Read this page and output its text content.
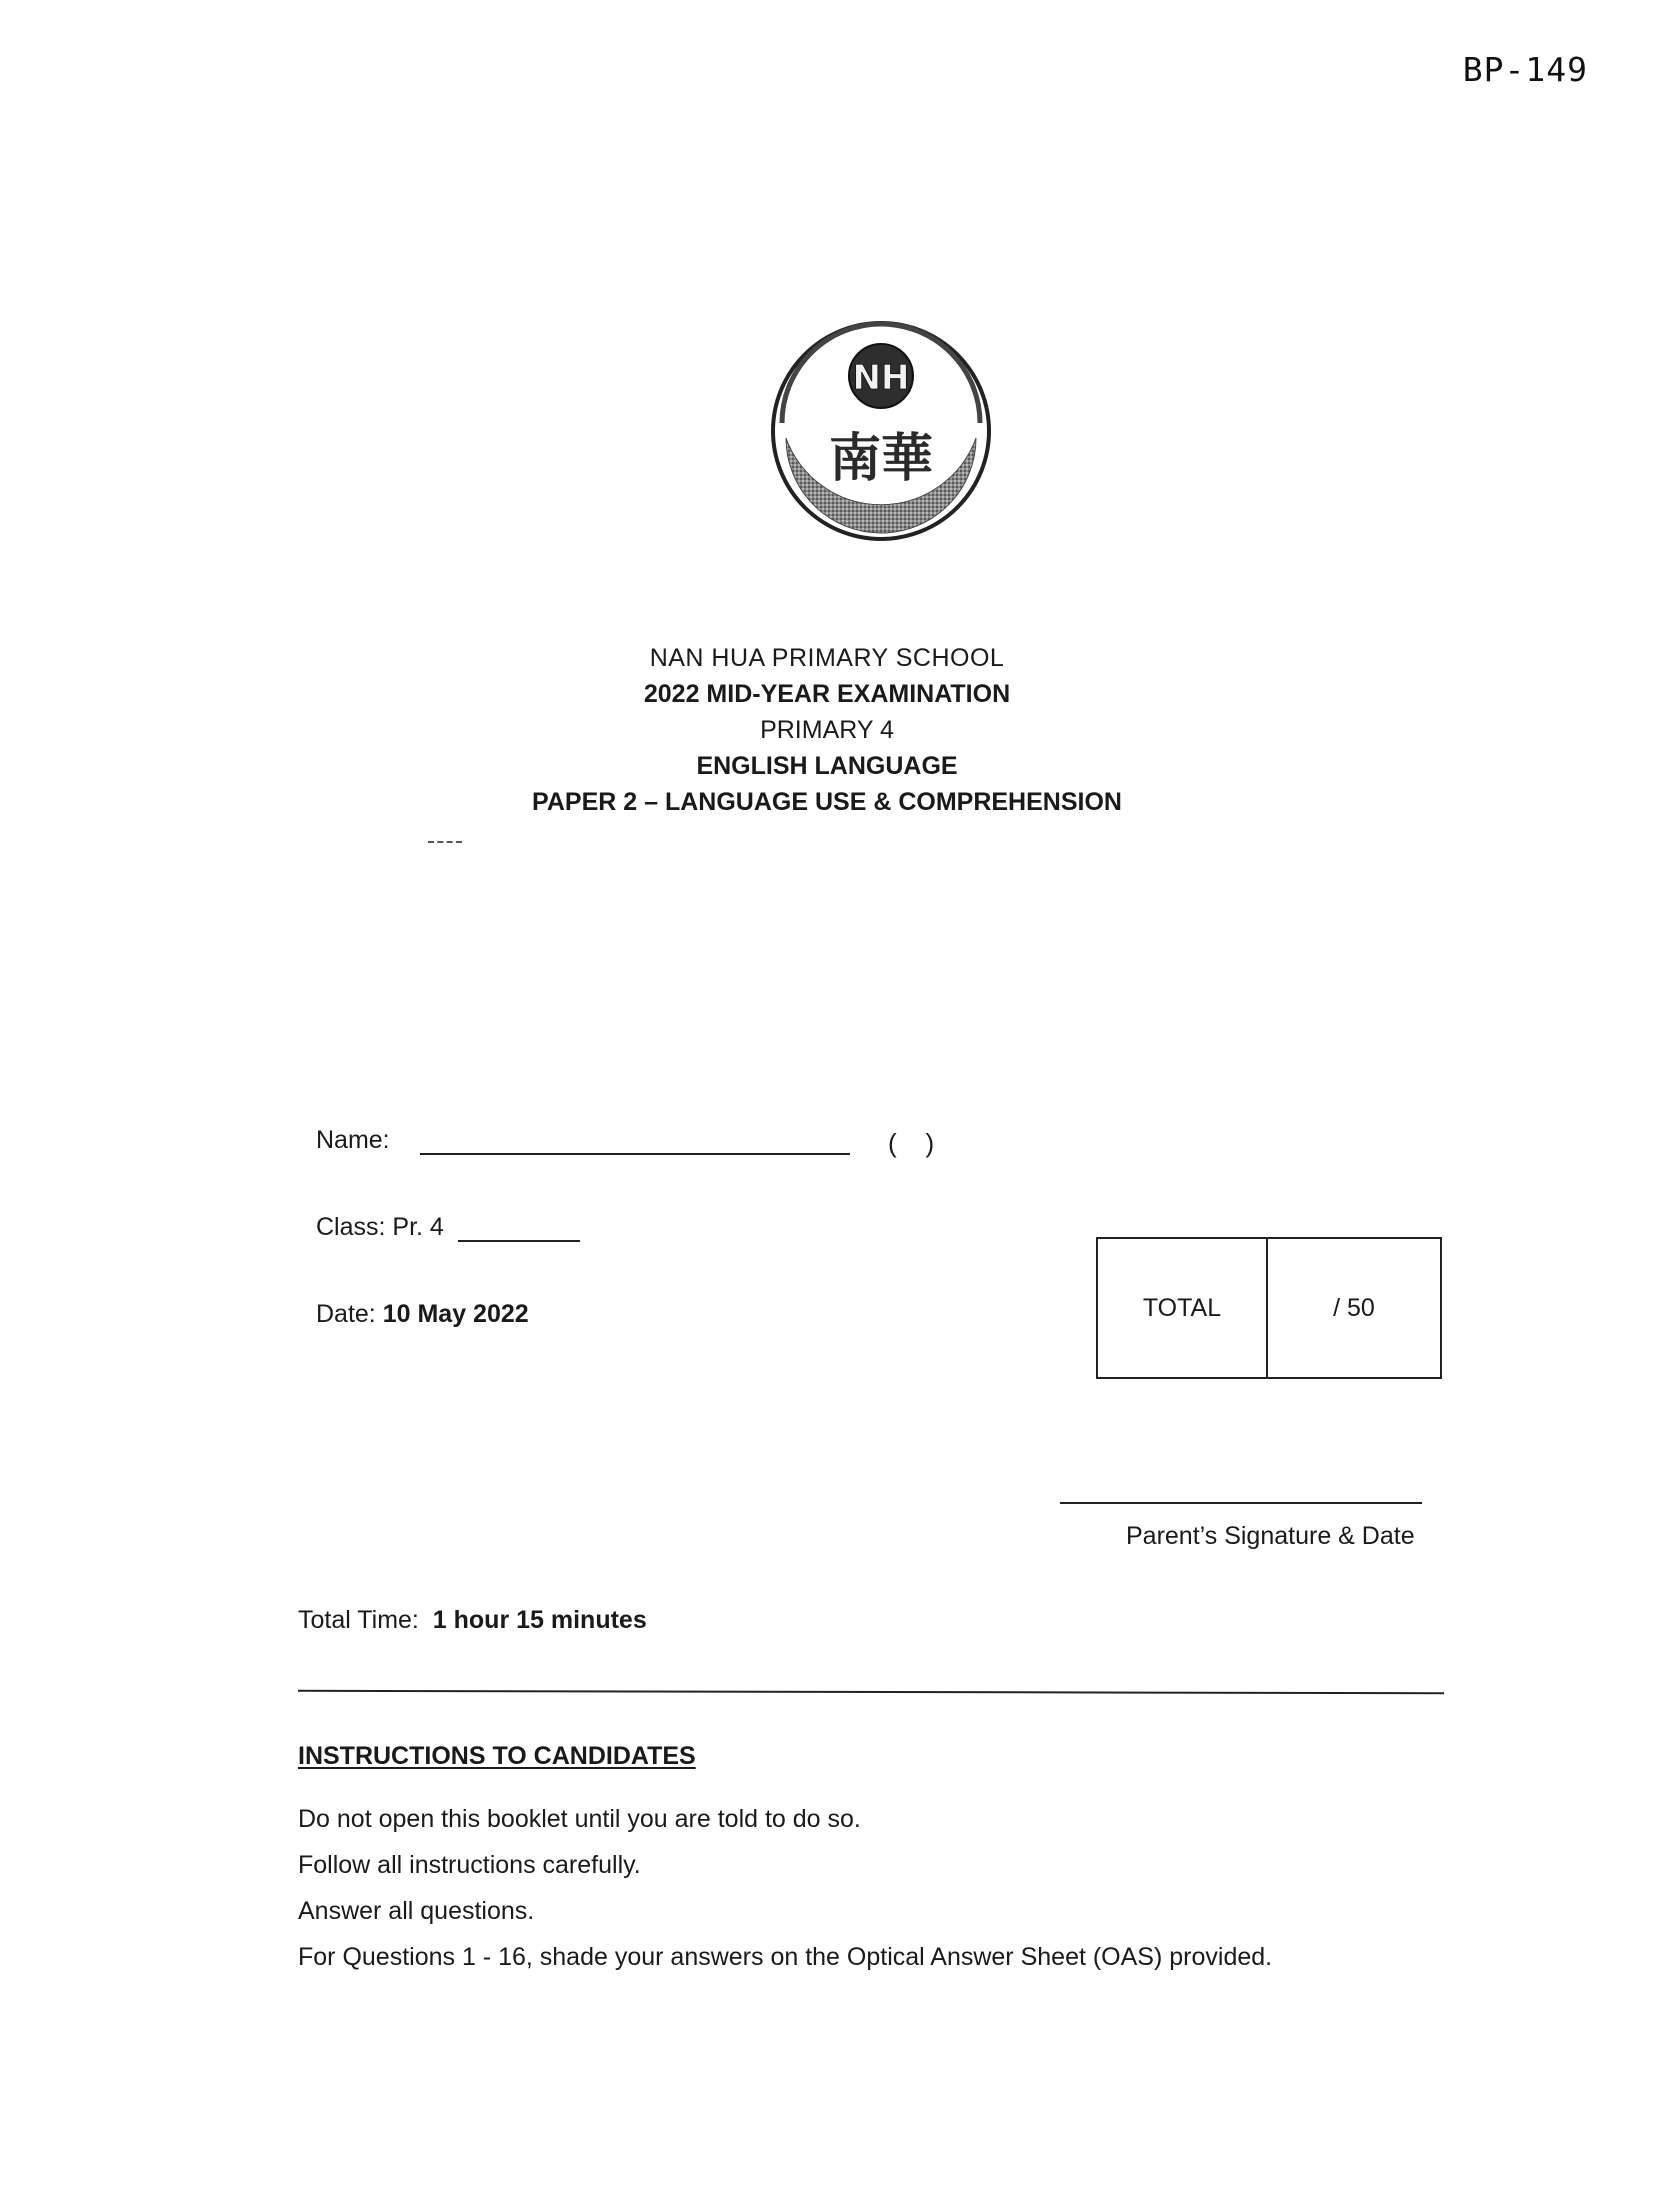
BP-149
NH
南華
NAN HUA PRIMARY SCHOOL
2022 MID-YEAR EXAMINATION
PRIMARY 4
ENGLISH LANGUAGE
PAPER 2 – LANGUAGE USE & COMPREHENSION
Name:	(    )
Class: Pr. 4
Date: 10 May 2022	TOTAL	/ 50
Parent’s Signature & Date
Total Time: 1 hour 15 minutes
INSTRUCTIONS TO CANDIDATES
Do not open this booklet until you are told to do so.
Follow all instructions carefully.
Answer all questions.
For Questions 1 - 16, shade your answers on the Optical Answer Sheet (OAS) provided.
